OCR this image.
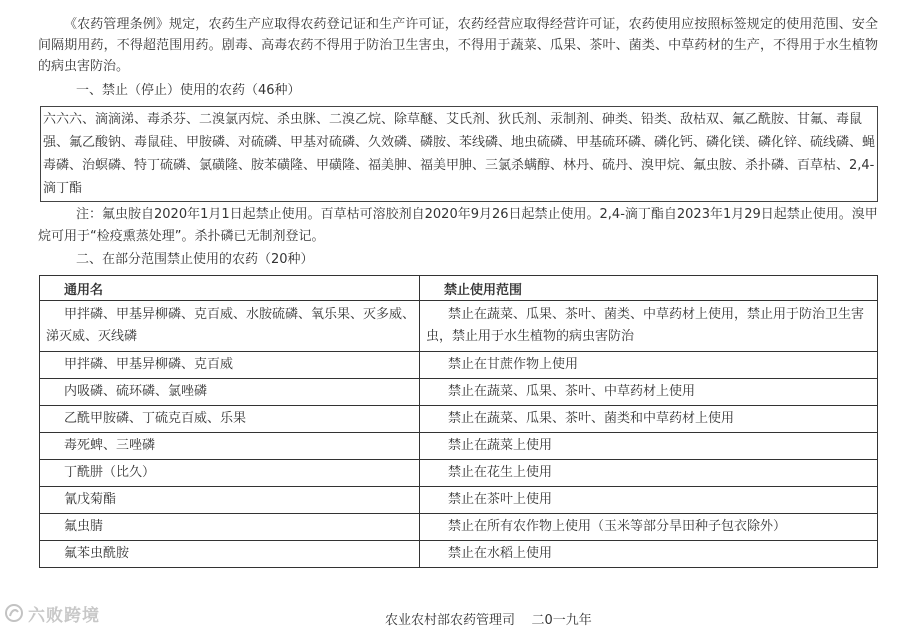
《农药管理条例》规定，农药生产应取得农药登记证和生产许可证，农药经营应取得经营许可证，农药使用应按照标签规定的使用范围、安全间隔期用药，不得超范围用药。剧毒、高毒农药不得用于防治卫生害虫，不得用于蔬菜、瓜果、茶叶、菌类、中草药材的生产，不得用于水生植物的病虫害防治。

一、禁止（停止）使用的农药（46种）

六六六、滴滴涕、毒杀芬、二溴氯丙烷、杀虫脒、二溴乙烷、除草醚、艾氏剂、狄氏剂、汞制剂、砷类、铅类、敌枯双、氟乙酰胺、甘氟、毒鼠强、氟乙酸钠、毒鼠硅、甲胺磷、对硫磷、甲基对硫磷、久效磷、磷胺、苯线磷、地虫硫磷、甲基硫环磷、磷化钙、磷化镁、磷化锌、硫线磷、蝇毒磷、治螟磷、特丁硫磷、氯磺隆、胺苯磺隆、甲磺隆、福美胂、福美甲胂、三氯杀螨醇、林丹、硫丹、溴甲烷、氟虫胺、杀扑磷、百草枯、2,4-滴丁酯

注：氟虫胺自2020年1月1日起禁止使用。百草枯可溶胶剂自2020年9月26日起禁止使用。2,4-滴丁酯自2023年1月29日起禁止使用。溴甲烷可用于“检疫熏蒸处理”。杀扑磷已无制剂登记。

二、在部分范围禁止使用的农药（20种）

通用名	禁止使用范围
甲拌磷、甲基异柳磷、克百威、水胺硫磷、氧乐果、灭多威、涕灭威、灭线磷	禁止在蔬菜、瓜果、茶叶、菌类、中草药材上使用，禁止用于防治卫生害虫，禁止用于水生植物的病虫害防治
甲拌磷、甲基异柳磷、克百威	禁止在甘蔗作物上使用
内吸磷、硫环磷、氯唑磷	禁止在蔬菜、瓜果、茶叶、中草药材上使用
乙酰甲胺磷、丁硫克百威、乐果	禁止在蔬菜、瓜果、茶叶、菌类和中草药材上使用
毒死蜱、三唑磷	禁止在蔬菜上使用
丁酰肼（比久）	禁止在花生上使用
氰戊菊酯	禁止在茶叶上使用
氟虫腈	禁止在所有农作物上使用（玉米等部分旱田种子包衣除外）
氟苯虫酰胺	禁止在水稻上使用
六败跨境	农业农村部农药管理司    二0一九年
